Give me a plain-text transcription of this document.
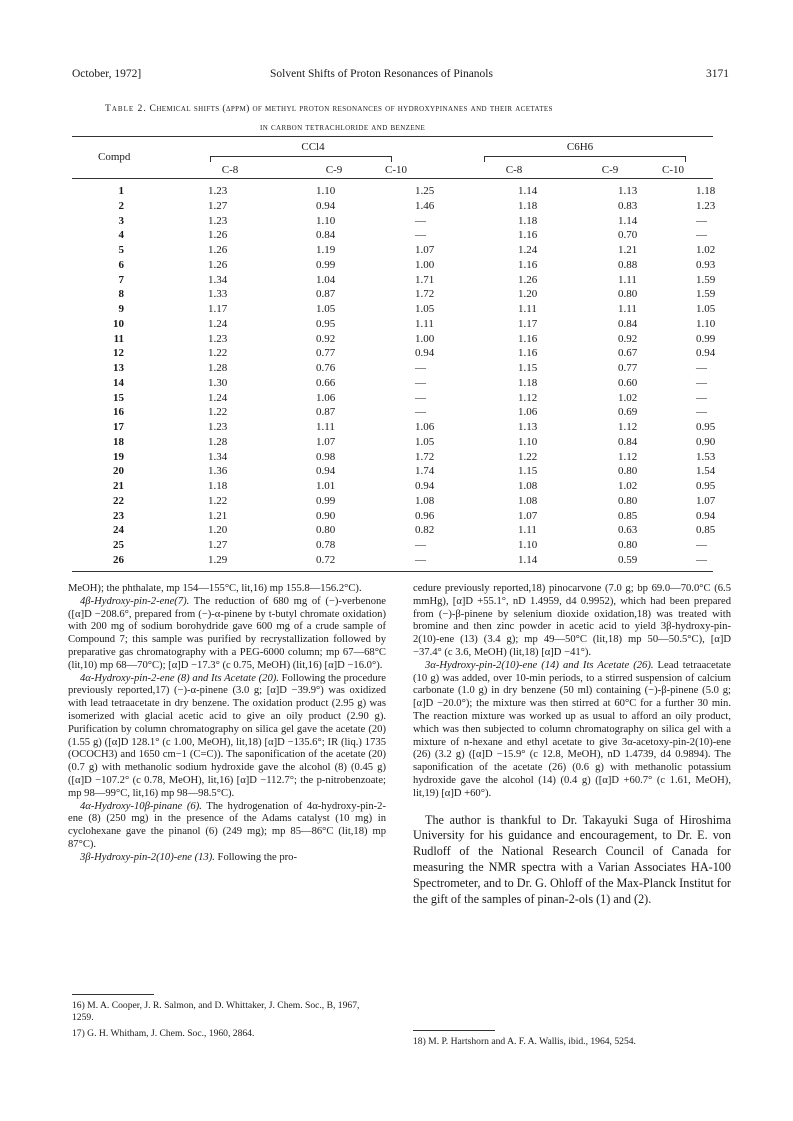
October, 1972]	Solvent Shifts of Proton Resonances of Pinanols	3171
Table 2. Chemical shifts (δppm) of methyl proton resonances of hydroxypinanes and their acetates
in carbon tetrachloride and benzene
Compd
CCl4	C6H6
C-8	C-9	C-10	C-8	C-9	C-10
1	1.23	1.10	1.25	1.14	1.13	1.18
2	1.27	0.94	1.46	1.18	0.83	1.23
3	1.23	1.10	—	1.18	1.14	—
4	1.26	0.84	—	1.16	0.70	—
5	1.26	1.19	1.07	1.24	1.21	1.02
6	1.26	0.99	1.00	1.16	0.88	0.93
7	1.34	1.04	1.71	1.26	1.11	1.59
8	1.33	0.87	1.72	1.20	0.80	1.59
9	1.17	1.05	1.05	1.11	1.11	1.05
10	1.24	0.95	1.11	1.17	0.84	1.10
11	1.23	0.92	1.00	1.16	0.92	0.99
12	1.22	0.77	0.94	1.16	0.67	0.94
13	1.28	0.76	—	1.15	0.77	—
14	1.30	0.66	—	1.18	0.60	—
15	1.24	1.06	—	1.12	1.02	—
16	1.22	0.87	—	1.06	0.69	—
17	1.23	1.11	1.06	1.13	1.12	0.95
18	1.28	1.07	1.05	1.10	0.84	0.90
19	1.34	0.98	1.72	1.22	1.12	1.53
20	1.36	0.94	1.74	1.15	0.80	1.54
21	1.18	1.01	0.94	1.08	1.02	0.95
22	1.22	0.99	1.08	1.08	0.80	1.07
23	1.21	0.90	0.96	1.07	0.85	0.94
24	1.20	0.80	0.82	1.11	0.63	0.85
25	1.27	0.78	—	1.10	0.80	—
26	1.29	0.72	—	1.14	0.59	—

MeOH); the phthalate, mp 154—155°C, lit,16) mp 155.8—156.2°C).

4β-Hydroxy-pin-2-ene(7). The reduction of 680 mg of (−)-verbenone ([α]D −208.6°, prepared from (−)-α-pinene by t-butyl chromate oxidation) with 200 mg of sodium borohydride gave 600 mg of a crude sample of Compound 7; this sample was purified by recrystallization followed by preparative gas chromatography with a PEG-6000 column; mp 67—68°C (lit,10) mp 68—70°C); [α]D −17.3° (c 0.75, MeOH) (lit,16) [α]D −16.0°).

4α-Hydroxy-pin-2-ene (8) and Its Acetate (20). Following the procedure previously reported,17) (−)-α-pinene (3.0 g; [α]D −39.9°) was oxidized with lead tetraacetate in dry benzene. The oxidation product (2.95 g) was isomerized with glacial acetic acid to give an oily product (2.90 g). Purification by column chromatography on silica gel gave the acetate (20) (1.55 g) ([α]D 128.1° (c 1.00, MeOH), lit,18) [α]D −135.6°; IR (liq.) 1735 (OCOCH3) and 1650 cm−1 (C=C)). The saponification of the acetate (20) (0.7 g) with methanolic sodium hydroxide gave the alcohol (8) (0.45 g) ([α]D −107.2° (c 0.78, MeOH), lit,16) [α]D −112.7°; the p-nitrobenzoate; mp 98—99°C, lit,16) mp 98—98.5°C).

4α-Hydroxy-10β-pinane (6). The hydrogenation of 4α-hydroxy-pin-2-ene (8) (250 mg) in the presence of the Adams catalyst (10 mg) in cyclohexane gave the pinanol (6) (249 mg); mp 85—86°C (lit,18) mp 87°C).

3β-Hydroxy-pin-2(10)-ene (13). Following the pro-

cedure previously reported,18) pinocarvone (7.0 g; bp 69.0—70.0°C (6.5 mmHg), [α]D +55.1°, nD 1.4959, d4 0.9952), which had been prepared from (−)-β-pinene by selenium dioxide oxidation,18) was treated with bromine and then zinc powder in acetic acid to yield 3β-hydroxy-pin-2(10)-ene (13) (3.4 g); mp 49—50°C (lit,18) mp 50—50.5°C), [α]D −37.4° (c 3.6, MeOH) (lit,18) [α]D −41°).

3α-Hydroxy-pin-2(10)-ene (14) and Its Acetate (26). Lead tetraacetate (10 g) was added, over 10-min periods, to a stirred suspension of calcium carbonate (1.0 g) in dry benzene (50 ml) containing (−)-β-pinene (5.0 g; [α]D −20.0°); the mixture was then stirred at 60°C for a further 30 min. The reaction mixture was worked up as usual to afford an oily product, which was then subjected to column chromatography on silica gel with a mixture of n-hexane and ethyl acetate to give 3α-acetoxy-pin-2(10)-ene (26) (3.2 g) ([α]D −15.9° (c 12.8, MeOH), nD 1.4739, d4 0.9894). The saponification of the acetate (26) (0.6 g) with methanolic potassium hydroxide gave the alcohol (14) (0.4 g) ([α]D +60.7° (c 1.61, MeOH), lit,19) [α]D +60°).

The author is thankful to Dr. Takayuki Suga of Hiroshima University for his guidance and encouragement, to Dr. E. von Rudloff of the National Research Council of Canada for measuring the NMR spectra with a Varian Associates HA-100 Spectrometer, and to Dr. G. Ohloff of the Max-Planck Institut for the gift of the samples of pinan-2-ols (1) and (2).

16) M. A. Cooper, J. R. Salmon, and D. Whittaker, J. Chem. Soc., B, 1967, 1259.
17) G. H. Whitham, J. Chem. Soc., 1960, 2864.
18) M. P. Hartshorn and A. F. A. Wallis, ibid., 1964, 5254.
